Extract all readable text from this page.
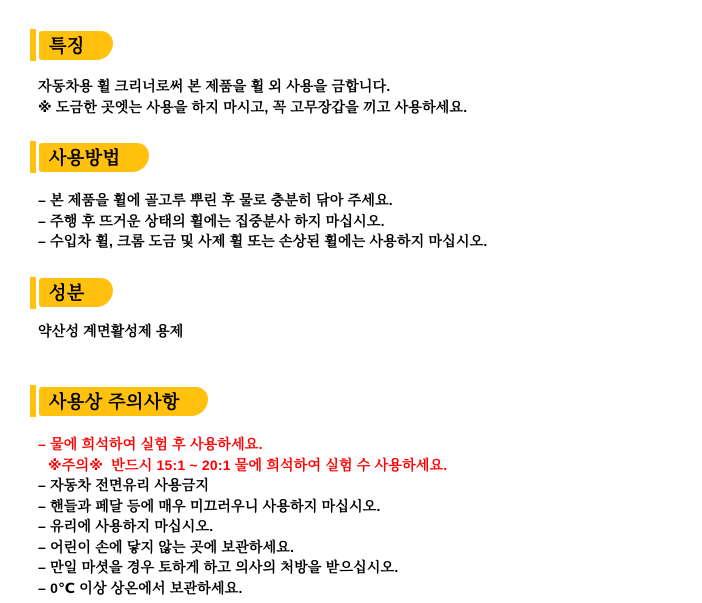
특징
자동차용 휠 크리너로써 본 제품을 휠 외 사용을 금합니다.
※ 도금한 곳엣는 사용을 하지 마시고, 꼭 고무장갑을 끼고 사용하세요.
사용방법
– 본 제품을 휠에 골고루 뿌린 후 물로 충분히 닦아 주세요.
– 주행 후 뜨거운 상태의 휠에는 집중분사 하지 마십시오.
– 수입차 휠, 크롬 도금 및 사제 휠 또는 손상된 휠에는 사용하지 마십시오.
성분
약산성 계면활성제 용제
사용상 주의사항
– 물에 희석하여 실험 후 사용하세요.
※주의※  반드시 15:1 ~ 20:1 물에 희석하여 실험 수 사용하세요.
– 자동차 전면유리 사용금지
– 핸들과 페달 등에 매우 미끄러우니 사용하지 마십시오.
– 유리에 사용하지 마십시오.
– 어린이 손에 닿지 않는 곳에 보관하세요.
– 만일 마셧을 경우 토하게 하고 의사의 처방을 받으십시오.
– 0℃ 이상 상온에서 보관하세요.
